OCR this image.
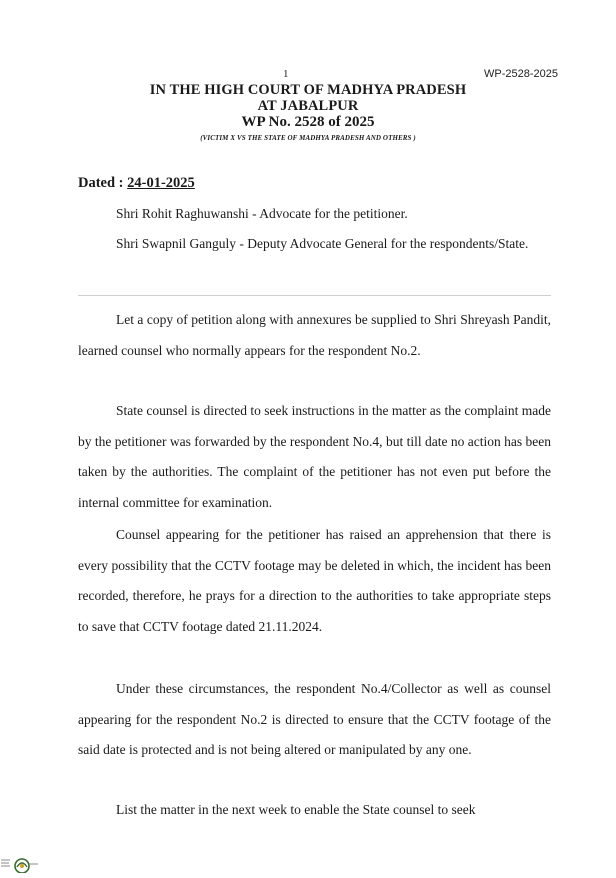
1	WP-2528-2025
IN THE HIGH COURT OF MADHYA PRADESH
AT JABALPUR
WP No. 2528 of 2025
(VICTIM X VS THE STATE OF MADHYA PRADESH AND OTHERS )
Dated : 24-01-2025
Shri Rohit Raghuwanshi - Advocate for the petitioner.
Shri Swapnil Ganguly - Deputy Advocate General for the respondents/State.
Let a copy of petition along with annexures be supplied to Shri Shreyash Pandit, learned counsel who normally appears for the respondent No.2.
State counsel is directed to seek instructions in the matter as the complaint made by the petitioner was forwarded by the respondent No.4, but till date no action has been taken by the authorities. The complaint of the petitioner has not even put before the internal committee for examination.
Counsel appearing for the petitioner has raised an apprehension that there is every possibility that the CCTV footage may be deleted in which, the incident has been recorded, therefore, he prays for a direction to the authorities to take appropriate steps to save that CCTV footage dated 21.11.2024.
Under these circumstances, the respondent No.4/Collector as well as counsel appearing for the respondent No.2 is directed to ensure that the CCTV footage of the said date is protected and is not being altered or manipulated by any one.
List the matter in the next week to enable the State counsel to seek
